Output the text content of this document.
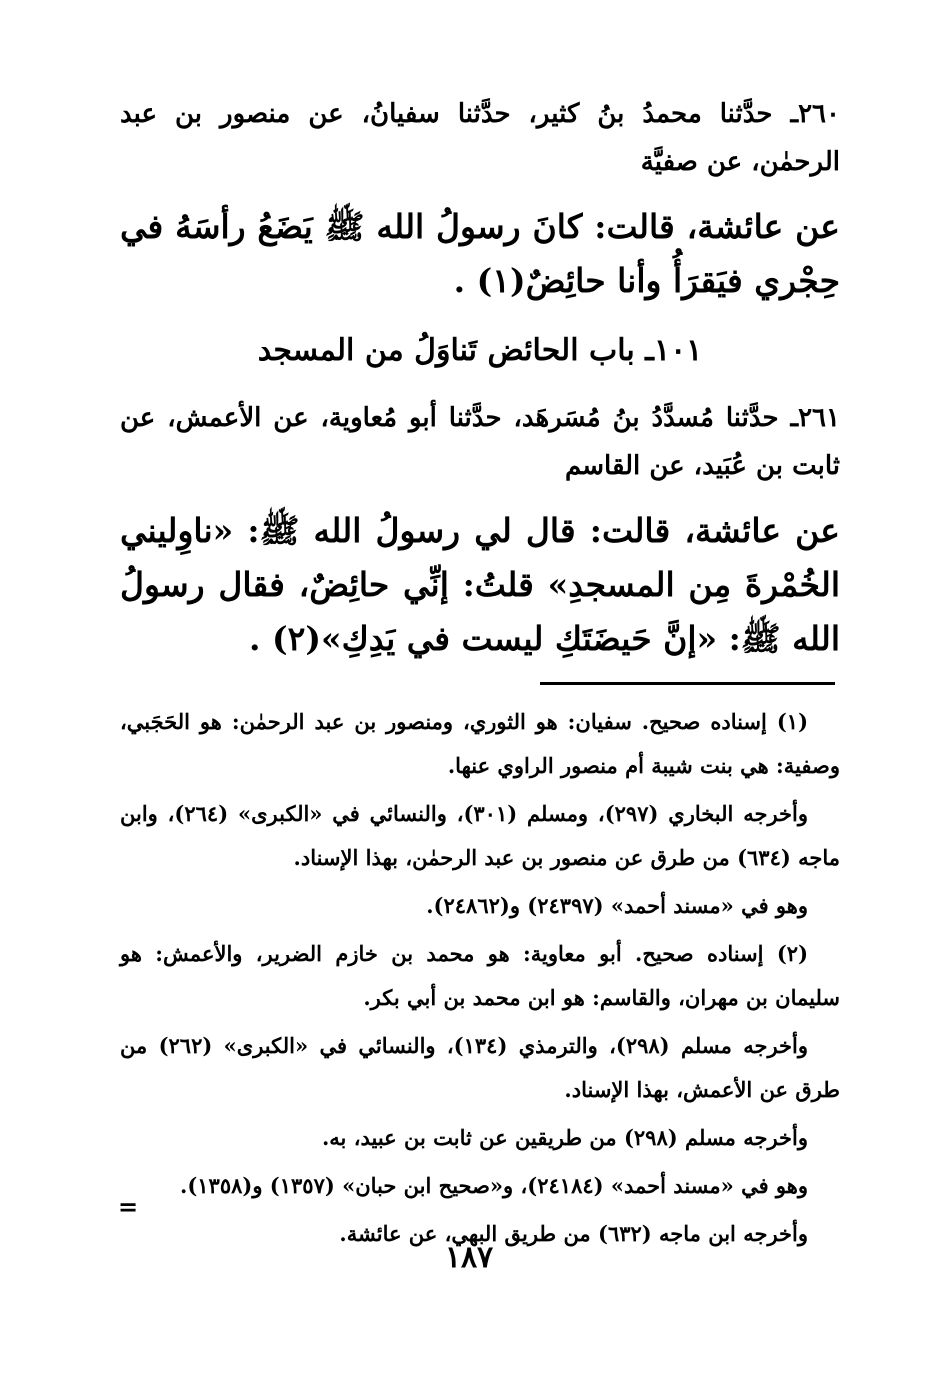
٢٦٠ـ حدَّثنا محمدُ بنُ كثير، حدَّثنا سفيانُ، عن منصور بن عبد الرحمٰن، عن صفيَّة

عن عائشة، قالت: كانَ رسولُ الله ﷺ يَضَعُ رأسَهُ في حِجْري فيَقرَأُ وأنا حائِضٌ(١) .

١٠١ـ باب الحائض تَناوَلُ من المسجد

٢٦١ـ حدَّثنا مُسدَّدُ بنُ مُسَرهَد، حدَّثنا أبو مُعاوية، عن الأعمش، عن ثابت بن عُبَيد، عن القاسم

عن عائشة، قالت: قال لي رسولُ الله ﷺ: «ناوِليني الخُمْرةَ مِن المسجدِ» قلتُ: إنِّي حائِضٌ، فقال رسولُ الله ﷺ: «إنَّ حَيضَتَكِ ليست في يَدِكِ»(٢) .

(١) إسناده صحيح. سفيان: هو الثوري، ومنصور بن عبد الرحمٰن: هو الحَجَبي، وصفية: هي بنت شيبة أم منصور الراوي عنها.

وأخرجه البخاري (٢٩٧)، ومسلم (٣٠١)، والنسائي في «الكبرى» (٢٦٤)، وابن ماجه (٦٣٤) من طرق عن منصور بن عبد الرحمٰن، بهذا الإسناد.

وهو في «مسند أحمد» (٢٤٣٩٧) و(٢٤٨٦٢).

(٢) إسناده صحيح. أبو معاوية: هو محمد بن خازم الضرير، والأعمش: هو سليمان بن مهران، والقاسم: هو ابن محمد بن أبي بكر.

وأخرجه مسلم (٢٩٨)، والترمذي (١٣٤)، والنسائي في «الكبرى» (٢٦٢) من طرق عن الأعمش، بهذا الإسناد.

وأخرجه مسلم (٢٩٨) من طريقين عن ثابت بن عبيد، به.

وهو في «مسند أحمد» (٢٤١٨٤)، و«صحيح ابن حبان» (١٣٥٧) و(١٣٥٨).

وأخرجه ابن ماجه (٦٣٢) من طريق البهي، عن عائشة.

=
١٨٧
